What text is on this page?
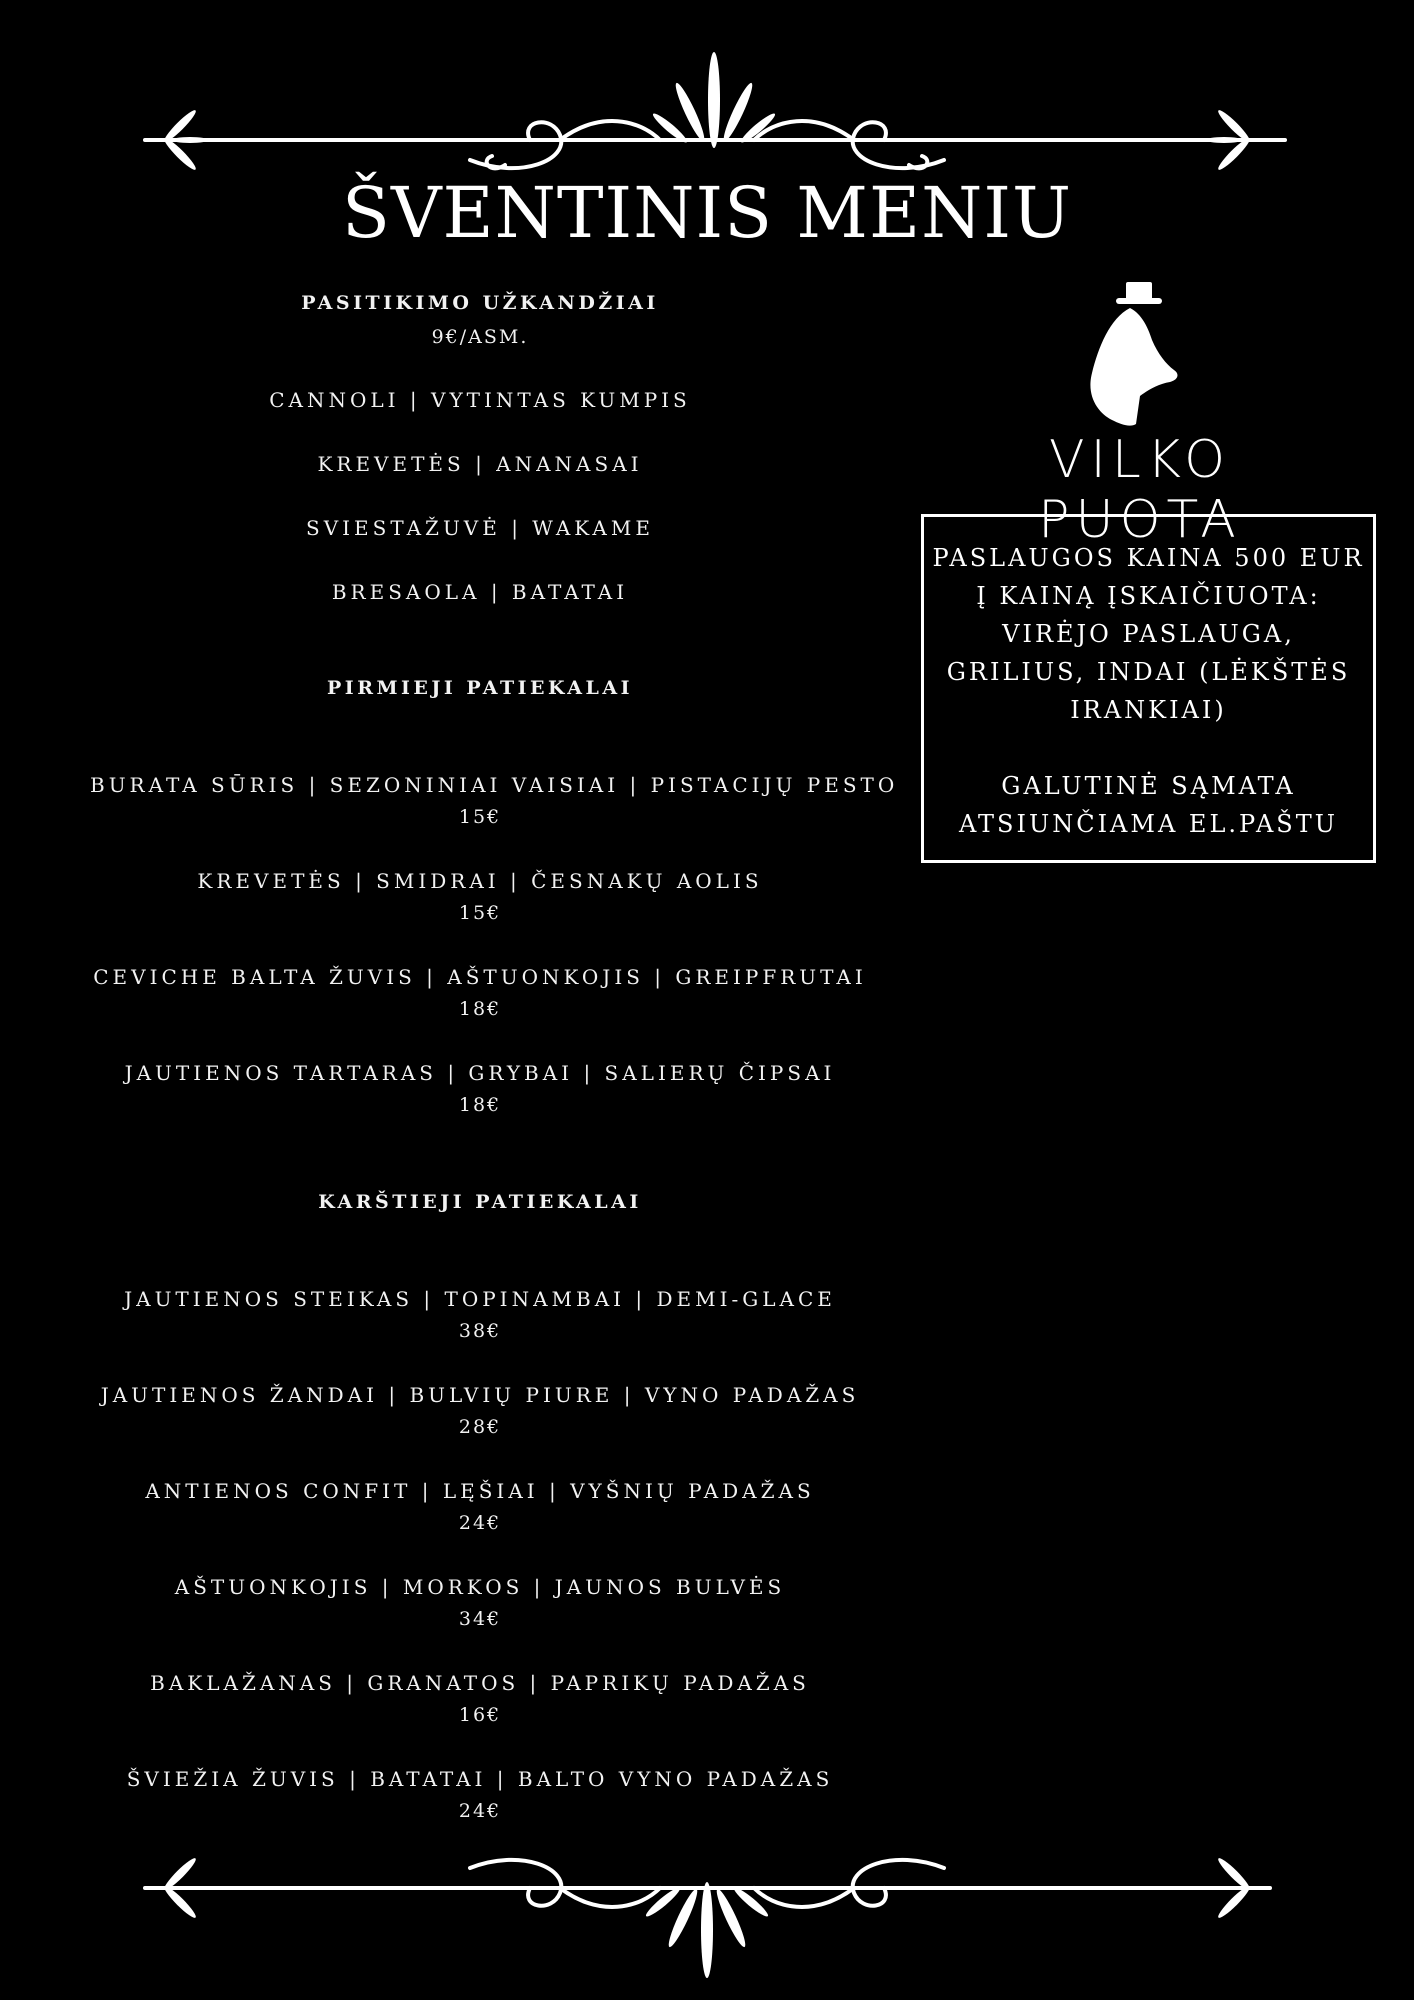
ŠVENTINIS MENIU
PASITIKIMO UŽKANDŽIAI
9€/ASM.
CANNOLI | VYTINTAS KUMPIS
KREVETĖS | ANANASAI
SVIESTAŽUVĖ | WAKAME
BRESAOLA | BATATAI
PIRMIEJI PATIEKALAI
BURATA SŪRIS | SEZONINIAI VAISIAI | PISTACIJŲ PESTO
15€
KREVETĖS | SMIDRAI | ČESNAKŲ AOLIS
15€
CEVICHE BALTA ŽUVIS | AŠTUONKOJIS | GREIPFRUTAI
18€
JAUTIENOS TARTARAS | GRYBAI | SALIERŲ ČIPSAI
18€
KARŠTIEJI PATIEKALAI
JAUTIENOS STEIKAS | TOPINAMBAI | DEMI-GLACE
38€
JAUTIENOS ŽANDAI | BULVIŲ PIURE | VYNO PADAŽAS
28€
ANTIENOS CONFIT | LĘŠIAI | VYŠNIŲ PADAŽAS
24€
AŠTUONKOJIS | MORKOS | JAUNOS BULVĖS
34€
BAKLAŽANAS | GRANATOS | PAPRIKŲ PADAŽAS
16€
ŠVIEŽIA ŽUVIS | BATATAI | BALTO VYNO PADAŽAS
24€
VILKO PUOTA
PASLAUGOS KAINA 500 EUR
Į KAINĄ ĮSKAIČIUOTA:
VIRĖJO PASLAUGA,
GRILIUS, INDAI (LĖKŠTĖS
IRANKIAI)
GALUTINĖ SĄMATA
ATSIUNČIAMA EL.PAŠTU
